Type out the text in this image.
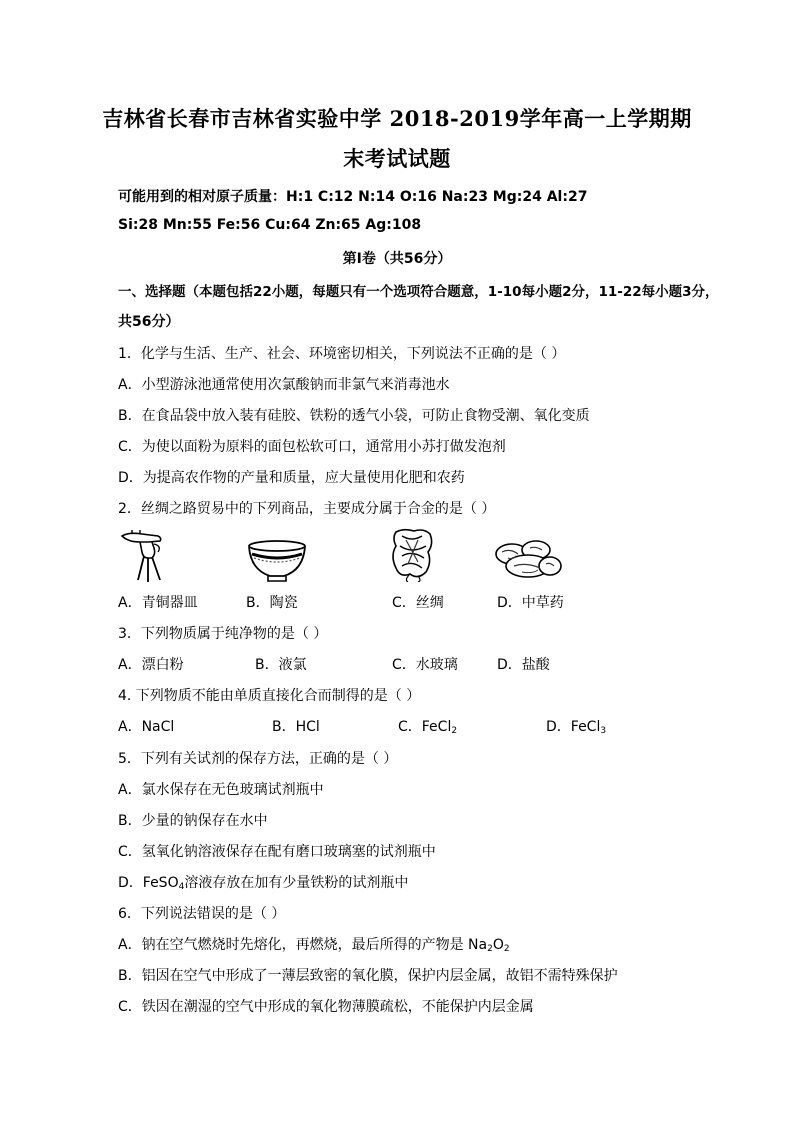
吉林省长春市吉林省实验中学 2018-2019学年高一上学期期
末考试试题
可能用到的相对原子质量：H:1 C:12 N:14 O:16 Na:23 Mg:24 Al:27
Si:28 Mn:55 Fe:56 Cu:64 Zn:65 Ag:108
第Ⅰ卷（共56分）
一、选择题（本题包括22小题，每题只有一个选项符合题意，1-10每小题2分，11-22每小题3分，
共56分）
1．化学与生活、生产、社会、环境密切相关，下列说法不正确的是（ ）
A．小型游泳池通常使用次氯酸钠而非氯气来消毒池水
B．在食品袋中放入装有硅胶、铁粉的透气小袋，可防止食物受潮、氧化变质
C．为使以面粉为原料的面包松软可口，通常用小苏打做发泡剂
D．为提高农作物的产量和质量，应大量使用化肥和农药
2．丝绸之路贸易中的下列商品，主要成分属于合金的是（ ）
A．青铜器皿	B．陶瓷	C．丝绸	D．中草药
3．下列物质属于纯净物的是（ ）
A．漂白粉	B．液氯	C．水玻璃	D．盐酸
4. 下列物质不能由单质直接化合而制得的是（ ）
A．NaCl	B．HCl	C．FeCl$_2$	D．FeCl$_3$
5．下列有关试剂的保存方法，正确的是（ ）
A．氯水保存在无色玻璃试剂瓶中
B．少量的钠保存在水中
C．氢氧化钠溶液保存在配有磨口玻璃塞的试剂瓶中
D．FeSO$_4$溶液存放在加有少量铁粉的试剂瓶中
6．下列说法错误的是（ ）
A．钠在空气燃烧时先熔化，再燃烧，最后所得的产物是 $Na_2O_2$
B．铝因在空气中形成了一薄层致密的氧化膜，保护内层金属，故铝不需特殊保护
C．铁因在潮湿的空气中形成的氧化物薄膜疏松，不能保护内层金属
